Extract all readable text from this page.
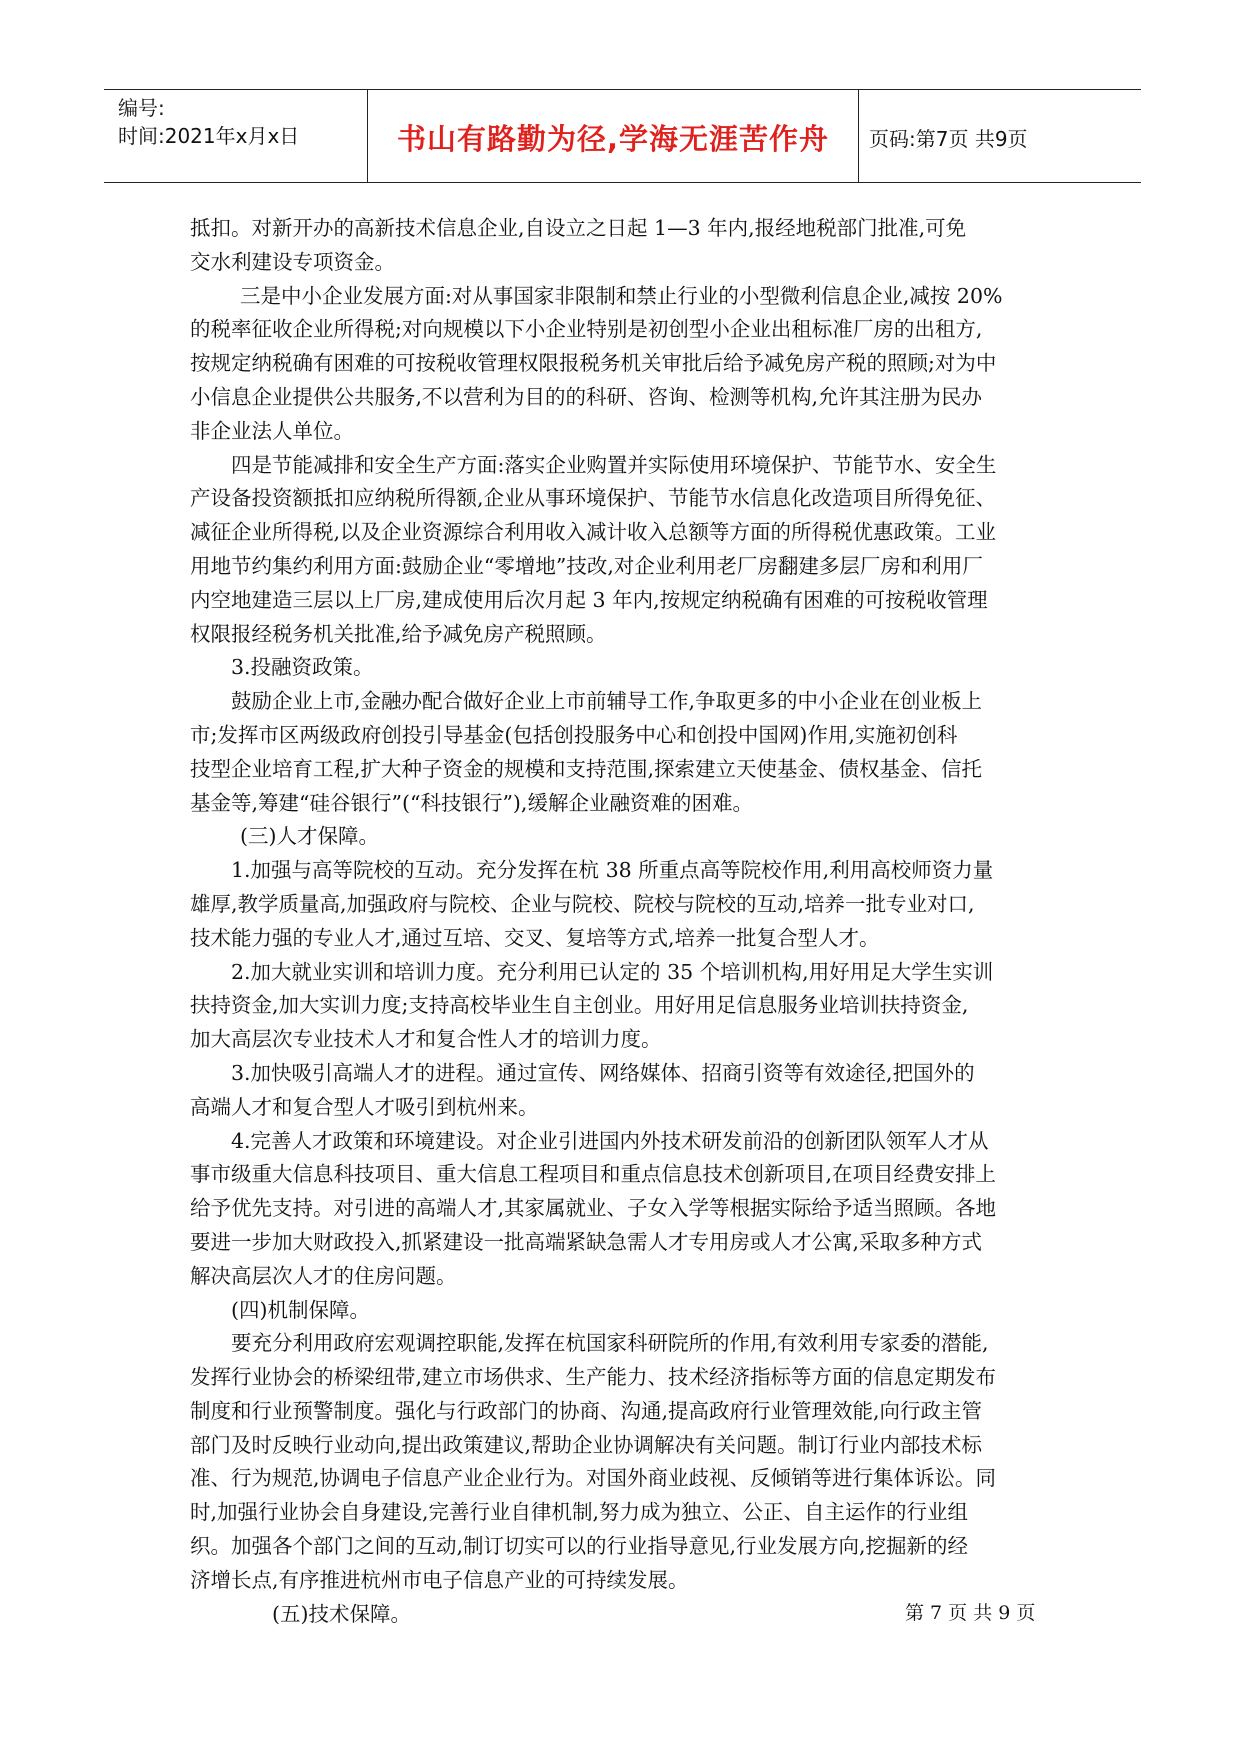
编号:
时间:2021年x月x日	书山有路勤为径,学海无涯苦作舟	页码:第7页 共9页

抵扣。对新开办的高新技术信息企业,自设立之日起 1—3 年内,报经地税部门批准,可免

交水利建设专项资金。

三是中小企业发展方面:对从事国家非限制和禁止行业的小型微利信息企业,减按 20%

的税率征收企业所得税;对向规模以下小企业特别是初创型小企业出租标准厂房的出租方,

按规定纳税确有困难的可按税收管理权限报税务机关审批后给予减免房产税的照顾;对为中

小信息企业提供公共服务,不以营利为目的的科研、咨询、检测等机构,允许其注册为民办

非企业法人单位。

四是节能减排和安全生产方面:落实企业购置并实际使用环境保护、节能节水、安全生

产设备投资额抵扣应纳税所得额,企业从事环境保护、节能节水信息化改造项目所得免征、

减征企业所得税,以及企业资源综合利用收入减计收入总额等方面的所得税优惠政策。工业

用地节约集约利用方面:鼓励企业“零增地”技改,对企业利用老厂房翻建多层厂房和利用厂

内空地建造三层以上厂房,建成使用后次月起 3 年内,按规定纳税确有困难的可按税收管理

权限报经税务机关批准,给予减免房产税照顾。

3.投融资政策。

鼓励企业上市,金融办配合做好企业上市前辅导工作,争取更多的中小企业在创业板上

市;发挥市区两级政府创投引导基金(包括创投服务中心和创投中国网)作用,实施初创科

技型企业培育工程,扩大种子资金的规模和支持范围,探索建立天使基金、债权基金、信托

基金等,筹建“硅谷银行”(“科技银行”),缓解企业融资难的困难。

(三)人才保障。

1.加强与高等院校的互动。充分发挥在杭 38 所重点高等院校作用,利用高校师资力量

雄厚,教学质量高,加强政府与院校、企业与院校、院校与院校的互动,培养一批专业对口,

技术能力强的专业人才,通过互培、交叉、复培等方式,培养一批复合型人才。

2.加大就业实训和培训力度。充分利用已认定的 35 个培训机构,用好用足大学生实训

扶持资金,加大实训力度;支持高校毕业生自主创业。用好用足信息服务业培训扶持资金,

加大高层次专业技术人才和复合性人才的培训力度。

3.加快吸引高端人才的进程。通过宣传、网络媒体、招商引资等有效途径,把国外的

高端人才和复合型人才吸引到杭州来。

4.完善人才政策和环境建设。对企业引进国内外技术研发前沿的创新团队领军人才从

事市级重大信息科技项目、重大信息工程项目和重点信息技术创新项目,在项目经费安排上

给予优先支持。对引进的高端人才,其家属就业、子女入学等根据实际给予适当照顾。各地

要进一步加大财政投入,抓紧建设一批高端紧缺急需人才专用房或人才公寓,采取多种方式

解决高层次人才的住房问题。

(四)机制保障。

要充分利用政府宏观调控职能,发挥在杭国家科研院所的作用,有效利用专家委的潜能,

发挥行业协会的桥梁纽带,建立市场供求、生产能力、技术经济指标等方面的信息定期发布

制度和行业预警制度。强化与行政部门的协商、沟通,提高政府行业管理效能,向行政主管

部门及时反映行业动向,提出政策建议,帮助企业协调解决有关问题。制订行业内部技术标

准、行为规范,协调电子信息产业企业行为。对国外商业歧视、反倾销等进行集体诉讼。同

时,加强行业协会自身建设,完善行业自律机制,努力成为独立、公正、自主运作的行业组

织。加强各个部门之间的互动,制订切实可以的行业指导意见,行业发展方向,挖掘新的经

济增长点,有序推进杭州市电子信息产业的可持续发展。

(五)技术保障。	第 7 页 共 9 页
